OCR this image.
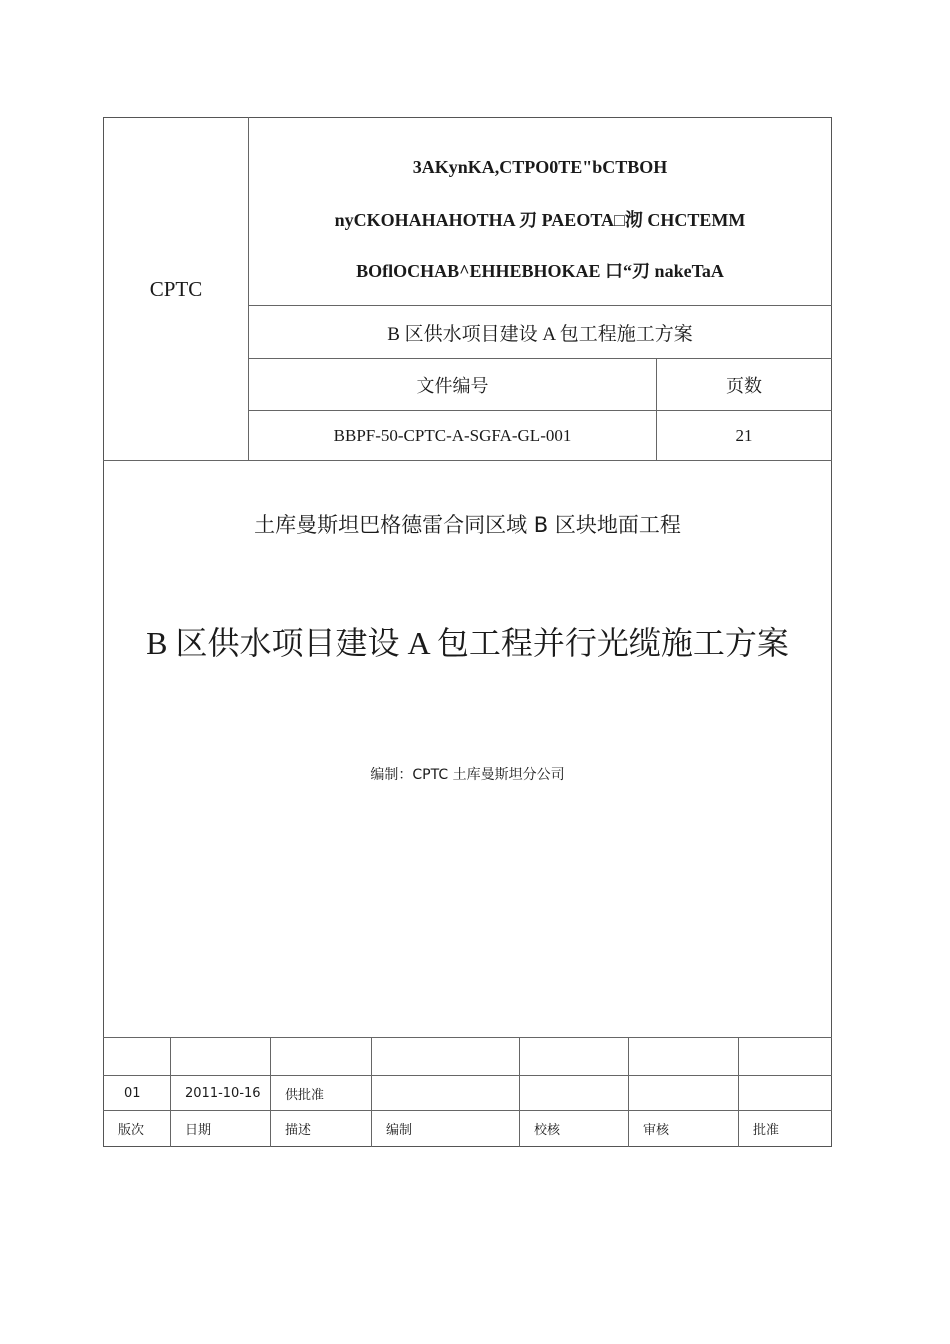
CPTC
3AKynKA,CTPO0TE"bCTBOH
nyCKOHAHAHOTHA 刃 PAEOTA□沏 CHCTEMM
BOflOCHAB^EHHEBHOKAE 口“刃 nakeTaA
B 区供水项目建设 A 包工程施工方案
文件编号	页数
BBPF-50-CPTC-A-SGFA-GL-001	21
土库曼斯坦巴格德雷合同区域 B 区块地面工程
B 区供水项目建设 A 包工程并行光缆施工方案
编制：CPTC 土库曼斯坦分公司
01	2011-10-16	供批准
版次	日期	描述	编制	校核	审核	批准
